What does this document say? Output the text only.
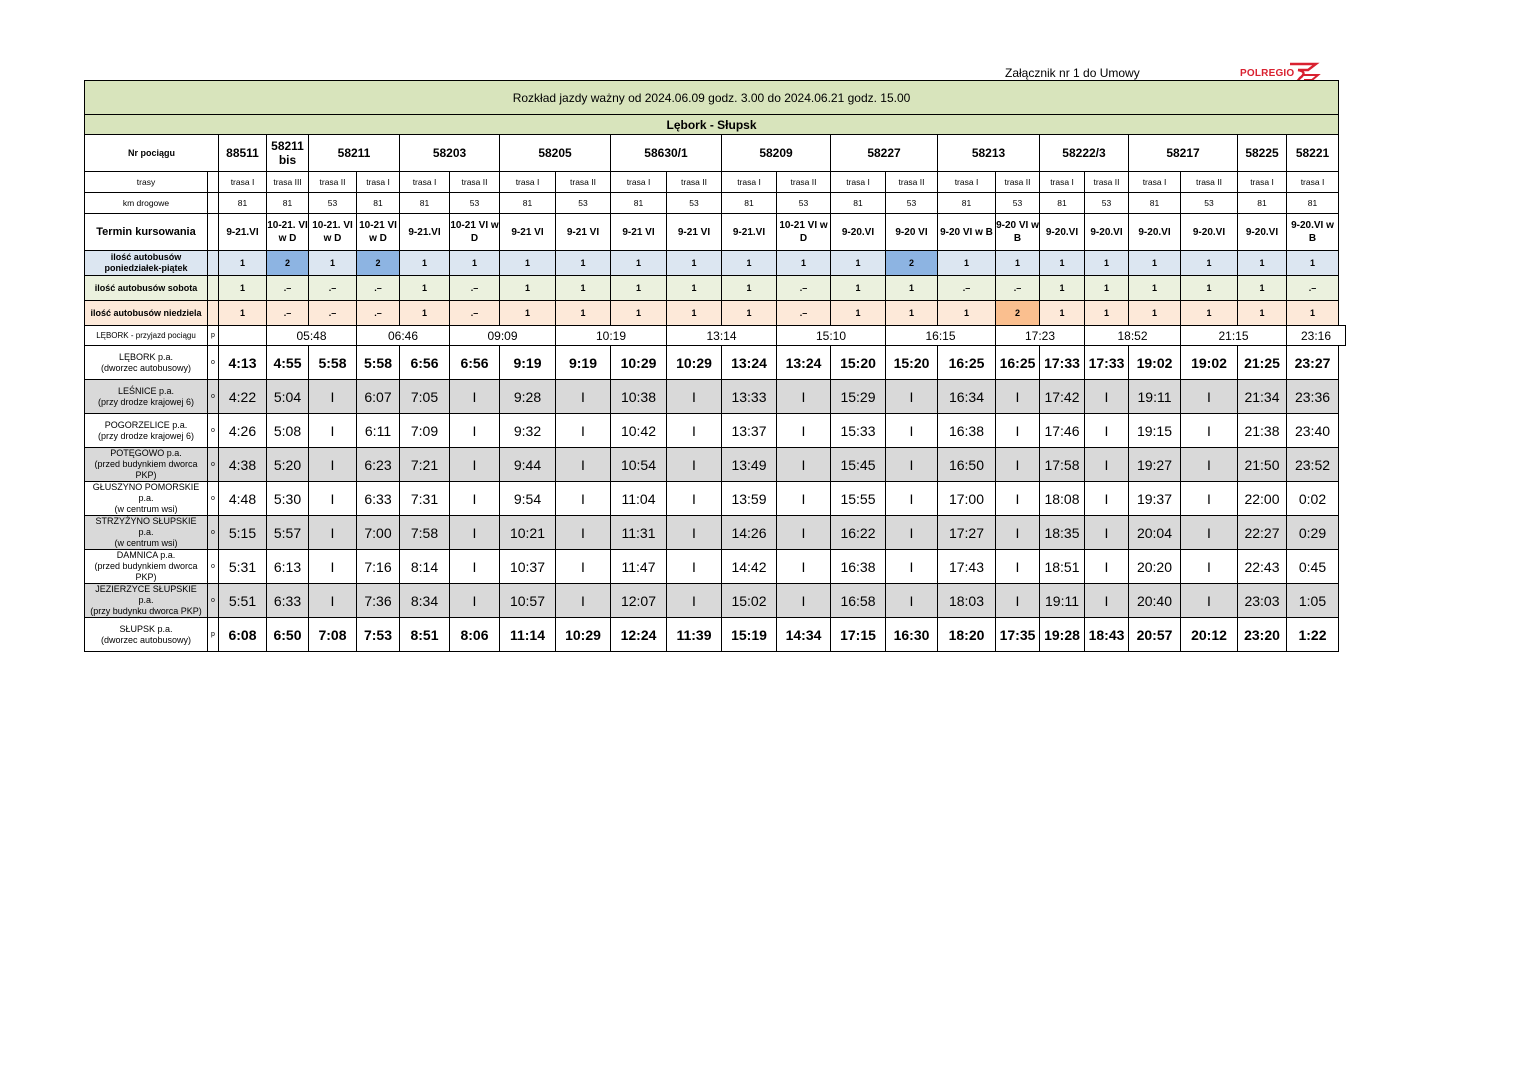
Załącznik nr 1 do Umowy	POLREGIO
Rozkład jazdy ważny od 2024.06.09 godz. 3.00 do 2024.06.21 godz. 15.00																							
Lębork - Słupsk																							
Nr pociągu		88511	58211 bis	58211		58203		58205		58630/1		58209		58227		58213		58222/3		58217		58225	58221
trasy		trasa I	trasa III	trasa II	trasa I	trasa I	trasa II	trasa I	trasa II	trasa I	trasa II	trasa I	trasa II	trasa I	trasa II	trasa I	trasa II	trasa I	trasa II	trasa I	trasa II	trasa I	trasa I
km drogowe		81	81	53	81	81	53	81	53	81	53	81	53	81	53	81	53	81	53	81	53	81	81
Termin kursowania		9-21.VI	10-21. VI w D	10-21. VI w D	10-21 VI w D	9-21.VI	10-21 VI w D	9-21 VI	9-21 VI	9-21 VI	9-21 VI	9-21.VI	10-21 VI w D	9-20.VI	9-20 VI	9-20 VI w B	9-20 VI w B	9-20.VI	9-20.VI	9-20.VI	9-20.VI	9-20.VI	9-20.VI w B
ilość autobusów poniedziałek-piątek		1	2	1	2	1	1	1	1	1	1	1	1	1	2	1	1	1	1	1	1	1	1
ilość autobusów sobota		1	.–	.–	.–	1	.–	1	1	1	1	1	.–	1	1	.–	.–	1	1	1	1	1	.–
ilość autobusów niedziela		1	.–	.–	.–	1	.–	1	1	1	1	1	.–	1	1	1	2	1	1	1	1	1	1
LĘBORK - przyjazd pociągu	p		05:48		06:46		09:09		10:19		13:14		15:10		16:15		17:23		18:52		21:15		23:16
LĘBORK p.a.
(dworzec autobusowy)	o	4:13	4:55	5:58	5:58	6:56	6:56	9:19	9:19	10:29	10:29	13:24	13:24	15:20	15:20	16:25	16:25	17:33	17:33	19:02	19:02	21:25	23:27
LEŚNICE p.a.
(przy drodze krajowej 6)	o	4:22	5:04	I	6:07	7:05	I	9:28	I	10:38	I	13:33	I	15:29	I	16:34	I	17:42	I	19:11	I	21:34	23:36
POGORZELICE p.a.
(przy drodze krajowej 6)	o	4:26	5:08	I	6:11	7:09	I	9:32	I	10:42	I	13:37	I	15:33	I	16:38	I	17:46	I	19:15	I	21:38	23:40
POTĘGOWO p.a.
(przed budynkiem dworca
PKP)	o	4:38	5:20	I	6:23	7:21	I	9:44	I	10:54	I	13:49	I	15:45	I	16:50	I	17:58	I	19:27	I	21:50	23:52
GŁUSZYNO POMORSKIE
p.a.
(w centrum wsi)	o	4:48	5:30	I	6:33	7:31	I	9:54	I	11:04	I	13:59	I	15:55	I	17:00	I	18:08	I	19:37	I	22:00	0:02
STRZYŻYNO SŁUPSKIE
p.a.
(w centrum wsi)	o	5:15	5:57	I	7:00	7:58	I	10:21	I	11:31	I	14:26	I	16:22	I	17:27	I	18:35	I	20:04	I	22:27	0:29
DAMNICA p.a.
(przed budynkiem dworca
PKP)	o	5:31	6:13	I	7:16	8:14	I	10:37	I	11:47	I	14:42	I	16:38	I	17:43	I	18:51	I	20:20	I	22:43	0:45
JEZIERZYCE SŁUPSKIE
p.a.
(przy budynku dworca PKP)	o	5:51	6:33	I	7:36	8:34	I	10:57	I	12:07	I	15:02	I	16:58	I	18:03	I	19:11	I	20:40	I	23:03	1:05
SŁUPSK p.a.
(dworzec autobusowy)	p	6:08	6:50	7:08	7:53	8:51	8:06	11:14	10:29	12:24	11:39	15:19	14:34	17:15	16:30	18:20	17:35	19:28	18:43	20:57	20:12	23:20	1:22
